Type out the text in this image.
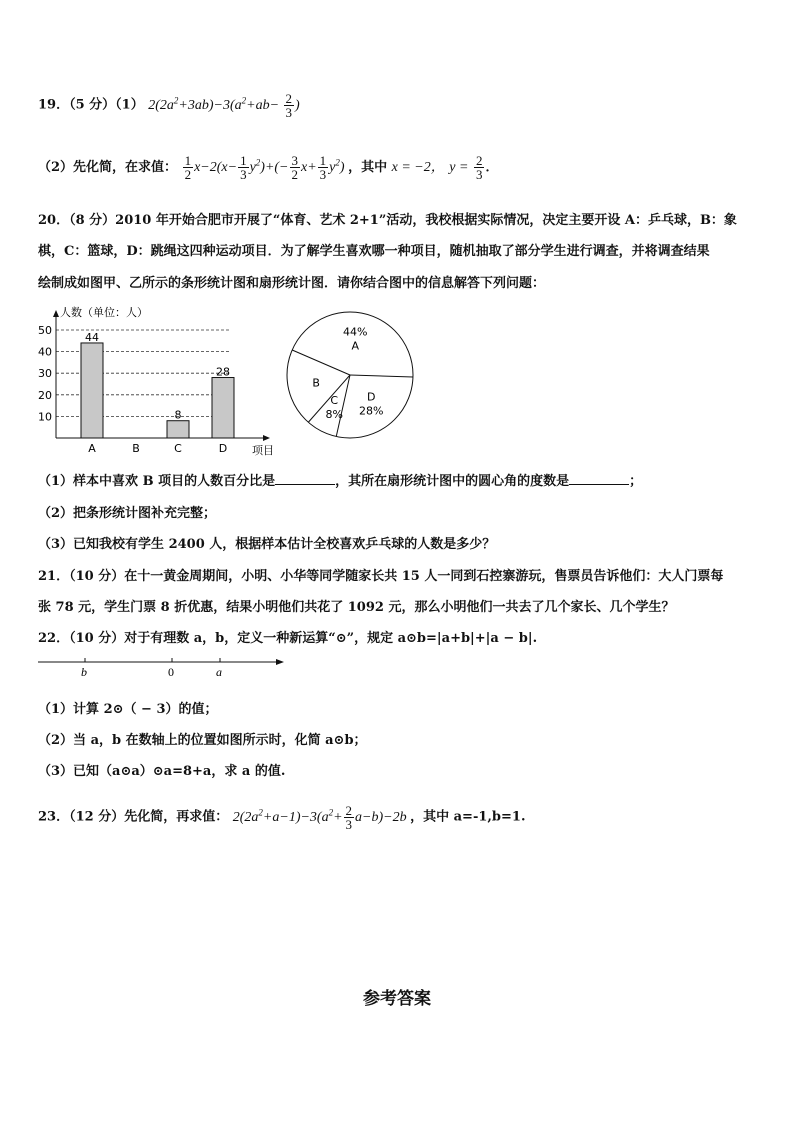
19．（5 分）（1） $2(2a^2+3ab)-3(a^2+ab- \frac{2}{3}$ )
（2）先化简，在求值： $\frac{1}{2} x-2(x- \frac{1}{3} y^2)+(- \frac{3}{2} x+ \frac{1}{3} y^2)$ ，其中 x = −2， $y = \frac{2}{3}$ ．
20．（8 分）2010 年开始合肥市开展了“体育、艺术 2+1”活动，我校根据实际情况，决定主要开设 A：乒乓球，B：象
棋，C：篮球，D：跳绳这四种运动项目．为了解学生喜欢哪一种项目，随机抽取了部分学生进行调查，并将调查结果
绘制成如图甲、乙所示的条形统计图和扇形统计图．请你结合图中的信息解答下列问题：
人数（单位：人）
10
20
30
40
50
44
A	B
8
C
28
D 项目
A
44%
D
28%
C
8%
B
（1）样本中喜欢 B 项目的人数百分比是	，其所在扇形统计图中的圆心角的度数是	；
（2）把条形统计图补充完整；
（3）已知我校有学生 2400 人，根据样本估计全校喜欢乒乓球的人数是多少？
21．（10 分）在十一黄金周期间，小明、小华等同学随家长共 15 人一同到石控寨游玩，售票员告诉他们：大人门票每
张 78 元，学生门票 8 折优惠，结果小明他们共花了 1092 元，那么小明他们一共去了几个家长、几个学生？
22．（10 分）对于有理数 a，b，定义一种新运算“⊙”，规定 a⊙b=|a+b|+|a − b|.
b	0	a
（1）计算 2⊙（ − 3）的值；
（2）当 a，b 在数轴上的位置如图所示时，化简 a⊙b；
（3）已知（a⊙a）⊙a=8+a，求 a 的值.
23．（12 分）先化简，再求值： $2(2a^2+a-1)-3(a^2+ \frac{2}{3} a-b)-2b$ ，其中 a=-1,b=1.
参考答案
